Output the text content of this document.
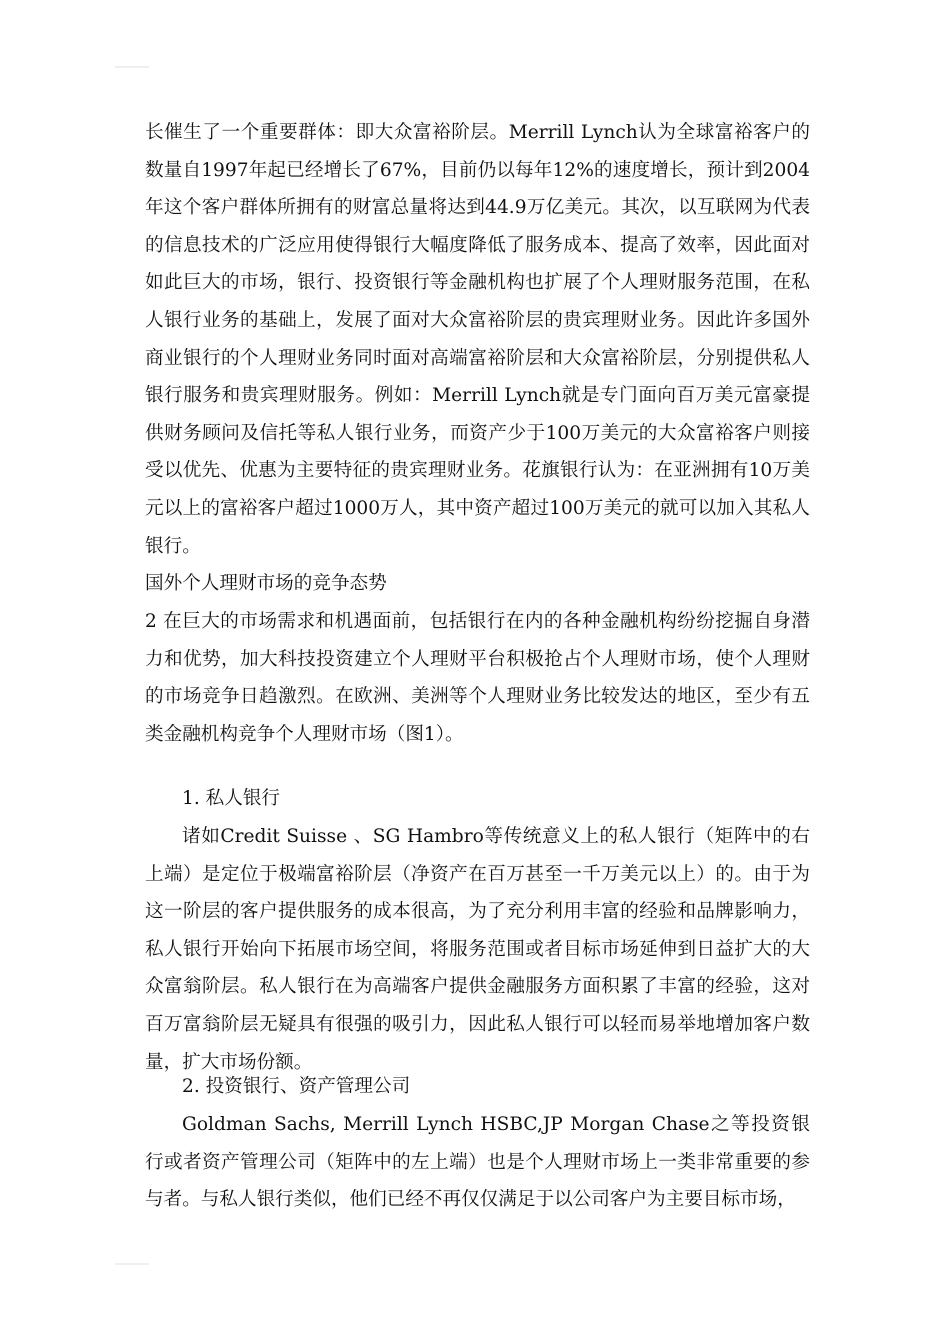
长催生了一个重要群体：即大众富裕阶层。Merrill Lynch认为全球富裕客户的数量自1997年起已经增长了67%，目前仍以每年12%的速度增长，预计到2004年这个客户群体所拥有的财富总量将达到44.9万亿美元。其次，以互联网为代表的信息技术的广泛应用使得银行大幅度降低了服务成本、提高了效率，因此面对如此巨大的市场，银行、投资银行等金融机构也扩展了个人理财服务范围，在私人银行业务的基础上，发展了面对大众富裕阶层的贵宾理财业务。因此许多国外商业银行的个人理财业务同时面对高端富裕阶层和大众富裕阶层，分别提供私人银行服务和贵宾理财服务。例如：Merrill Lynch就是专门面向百万美元富豪提供财务顾问及信托等私人银行业务，而资产少于100万美元的大众富裕客户则接受以优先、优惠为主要特征的贵宾理财业务。花旗银行认为：在亚洲拥有10万美元以上的富裕客户超过1000万人，其中资产超过100万美元的就可以加入其私人银行。
国外个人理财市场的竞争态势
2 在巨大的市场需求和机遇面前，包括银行在内的各种金融机构纷纷挖掘自身潜力和优势，加大科技投资建立个人理财平台积极抢占个人理财市场，使个人理财的市场竞争日趋激烈。在欧洲、美洲等个人理财业务比较发达的地区，至少有五类金融机构竞争个人理财市场（图1）。
1. 私人银行
诸如Credit Suisse 、SG Hambro等传统意义上的私人银行（矩阵中的右上端）是定位于极端富裕阶层（净资产在百万甚至一千万美元以上）的。由于为这一阶层的客户提供服务的成本很高，为了充分利用丰富的经验和品牌影响力，私人银行开始向下拓展市场空间，将服务范围或者目标市场延伸到日益扩大的大众富翁阶层。私人银行在为高端客户提供金融服务方面积累了丰富的经验，这对百万富翁阶层无疑具有很强的吸引力，因此私人银行可以轻而易举地增加客户数量，扩大市场份额。
2. 投资银行、资产管理公司
Goldman Sachs, Merrill Lynch HSBC,JP Morgan Chase之等投资银行或者资产管理公司（矩阵中的左上端）也是个人理财市场上一类非常重要的参与者。与私人银行类似，他们已经不再仅仅满足于以公司客户为主要目标市场，
